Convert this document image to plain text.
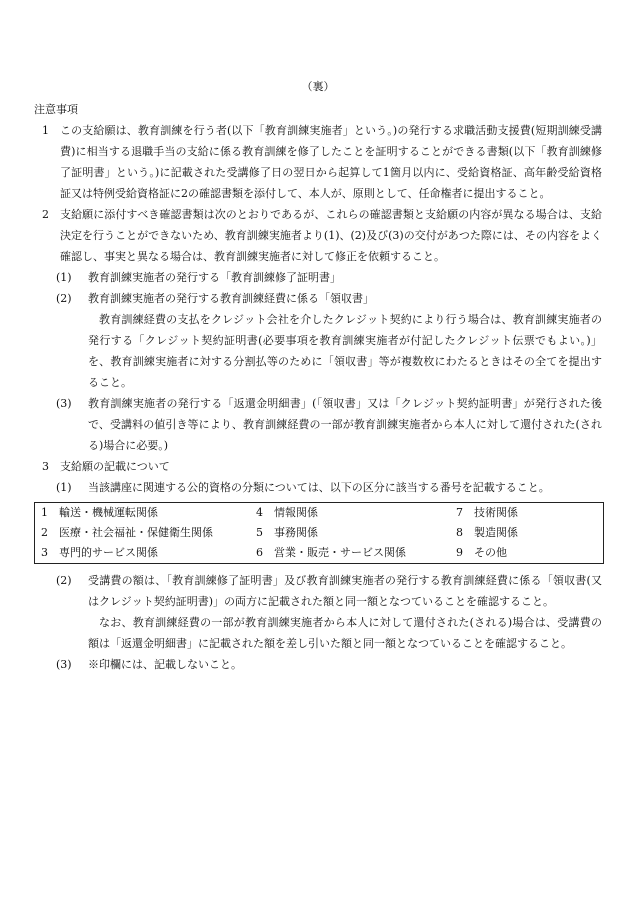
（裏）
注意事項
1	この支給願は、教育訓練を行う者(以下「教育訓練実施者」という。)の発行する求職活動支援費(短期訓練受講費)に相当する退職手当の支給に係る教育訓練を修了したことを証明することができる書類(以下「教育訓練修了証明書」という。)に記載された受講修了日の翌日から起算して1箇月以内に、受給資格証、高年齢受給資格証又は特例受給資格証に2の確認書類を添付して、本人が、原則として、任命権者に提出すること。
2	支給願に添付すべき確認書類は次のとおりであるが、これらの確認書類と支給願の内容が異なる場合は、支給決定を行うことができないため、教育訓練実施者より(1)、(2)及び(3)の交付があつた際には、その内容をよく確認し、事実と異なる場合は、教育訓練実施者に対して修正を依頼すること。
(1)	教育訓練実施者の発行する「教育訓練修了証明書」
(2)	教育訓練実施者の発行する教育訓練経費に係る「領収書」
教育訓練経費の支払をクレジット会社を介したクレジット契約により行う場合は、教育訓練実施者の発行する「クレジット契約証明書(必要事項を教育訓練実施者が付記したクレジット伝票でもよい。)」を、教育訓練実施者に対する分割払等のために「領収書」等が複数枚にわたるときはその全てを提出すること。
(3)	教育訓練実施者の発行する「返還金明細書」(「領収書」又は「クレジット契約証明書」が発行された後で、受講料の値引き等により、教育訓練経費の一部が教育訓練実施者から本人に対して還付された(される)場合に必要。)
3	支給願の記載について
(1)	当該講座に関連する公的資格の分類については、以下の区分に該当する番号を記載すること。
1　 輸送・機械運転関係	4　 情報関係	7　 技術関係
2　 医療・社会福祉・保健衛生関係	5　 事務関係	8　 製造関係
3　 専門的サービス関係	6　 営業・販売・サービス関係	9　 その他
(2)	受講費の額は、「教育訓練修了証明書」及び教育訓練実施者の発行する教育訓練経費に係る「領収書(又はクレジット契約証明書)」の両方に記載された額と同一額となつていることを確認すること。
なお、教育訓練経費の一部が教育訓練実施者から本人に対して還付された(される)場合は、受講費の額は「返還金明細書」に記載された額を差し引いた額と同一額となつていることを確認すること。
(3)	※印欄には、記載しないこと。
